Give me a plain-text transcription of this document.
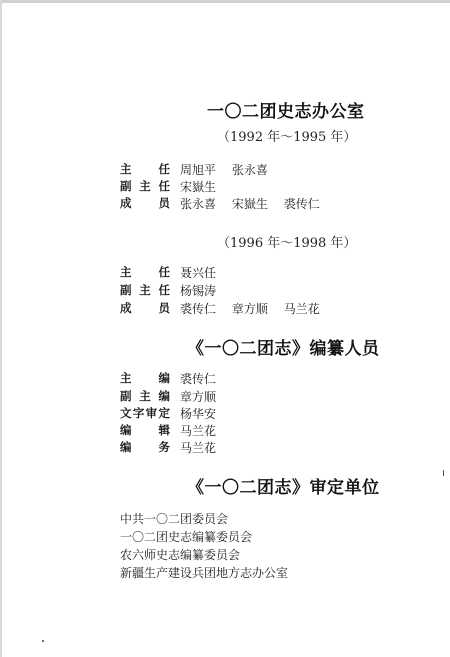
一〇二团史志办公室
（1992 年～1995 年）
主 任 周旭平 张永喜
副 主 任 宋嶽生
成 员 张永喜 宋嶽生 裘传仁
（1996 年～1998 年）
主 任 聂兴任
副 主 任 杨锡涛
成 员 裘传仁 章方顺 马兰花
《一〇二团志》编纂人员
主 编 裘传仁
副 主 编 章方顺
文 字 审 定 杨华安
编 辑 马兰花
编 务 马兰花
《一〇二团志》审定单位
中共一〇二团委员会
一〇二团史志编纂委员会
农六师史志编纂委员会
新疆生产建设兵团地方志办公室
